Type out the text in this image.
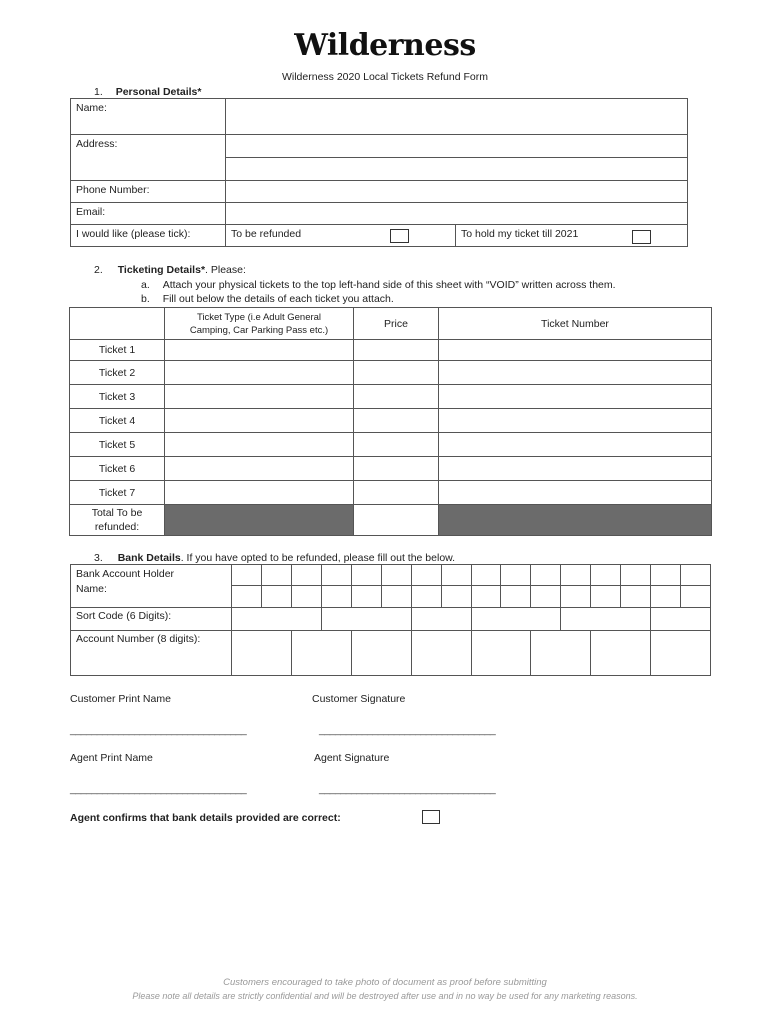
Wilderness
Wilderness 2020 Local Tickets Refund Form
1. Personal Details*
Name:		
Address:		

Phone Number:		
Email:		
I would like (please tick):	To be refunded	To hold my ticket till 2021
2. Ticketing Details*. Please:
a. Attach your physical tickets to the top left-hand side of this sheet with “VOID” written across them.
b. Fill out below the details of each ticket you attach.

	Ticket Type (i.e Adult General
Camping, Car Parking Pass etc.)	Price	Ticket Number
Ticket 1			
Ticket 2			
Ticket 3			
Ticket 4			
Ticket 5			
Ticket 6			
Ticket 7			

Total To be
refunded:			

3. Bank Details. If you have opted to be refunded, please fill out the below.
Bank Account Holder
Name:																

Sort Code (6 Digits):																
Account Number (8 digits):																
Customer Print Name	Customer Signature
_________________________________	_________________________________
Agent Print Name	Agent Signature
_________________________________	_________________________________
Agent confirms that bank details provided are correct:
Customers encouraged to take photo of document as proof before submitting
Please note all details are strictly confidential and will be destroyed after use and in no way be used for any marketing reasons.
